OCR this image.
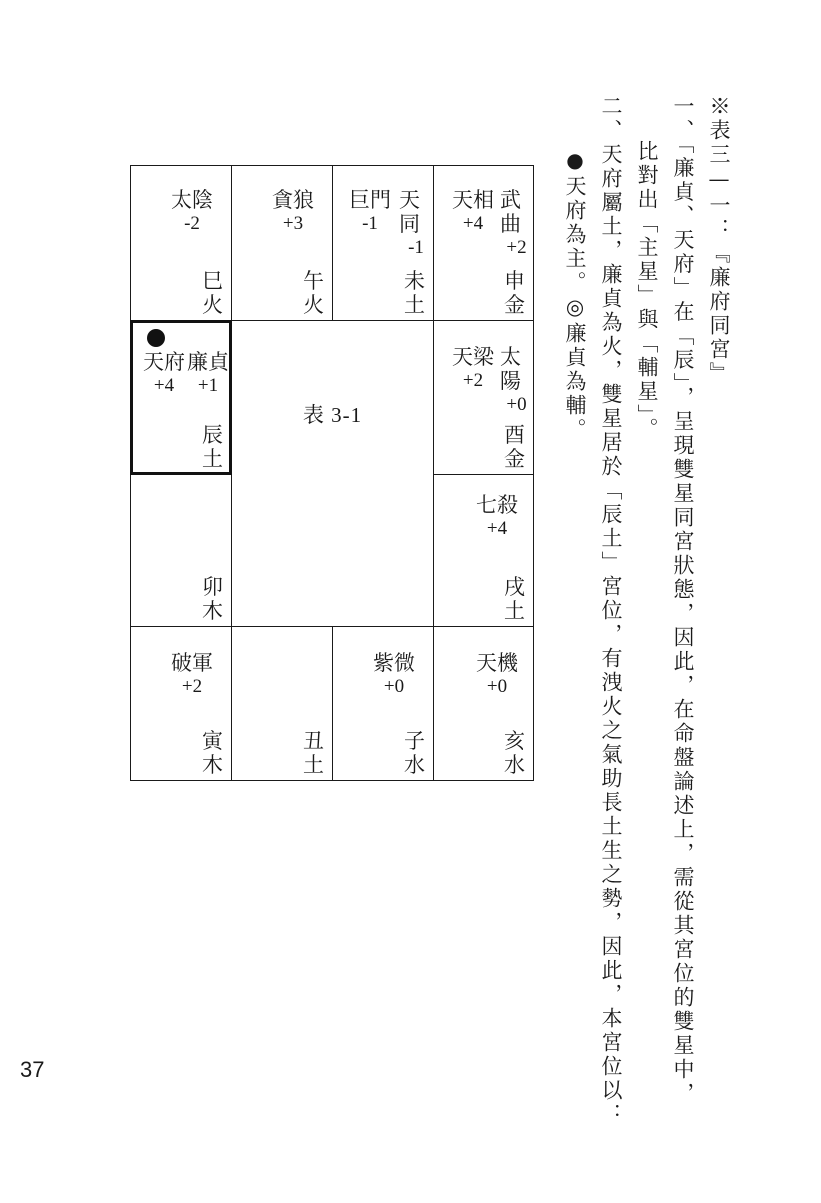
※表三—一：『廉府同宮』
一、「廉貞、天府」在「辰」，呈現雙星同宮狀態，因此，在命盤論述上，需從其宮位的雙星中，
比對出「主星」與「輔星」。
二、天府屬土，廉貞為火，雙星居於「辰土」宮位，有洩火之氣助長土生之勢，因此，本宮位以：
●天府為主。◎廉貞為輔。
太陰
-2
巳
火
貪狼
+3
午
火
天同
-1
巨門
-1
未
土
武曲
+2
天相
+4
申
金
廉貞
+1
天府
+4
辰
土
表 3-1
太陽
+0
天梁
+2
酉
金
卯
木
七殺
+4
戌
土
破軍
+2
寅
木
丑
土
紫微
+0
子
水
天機
+0
亥
水
37
